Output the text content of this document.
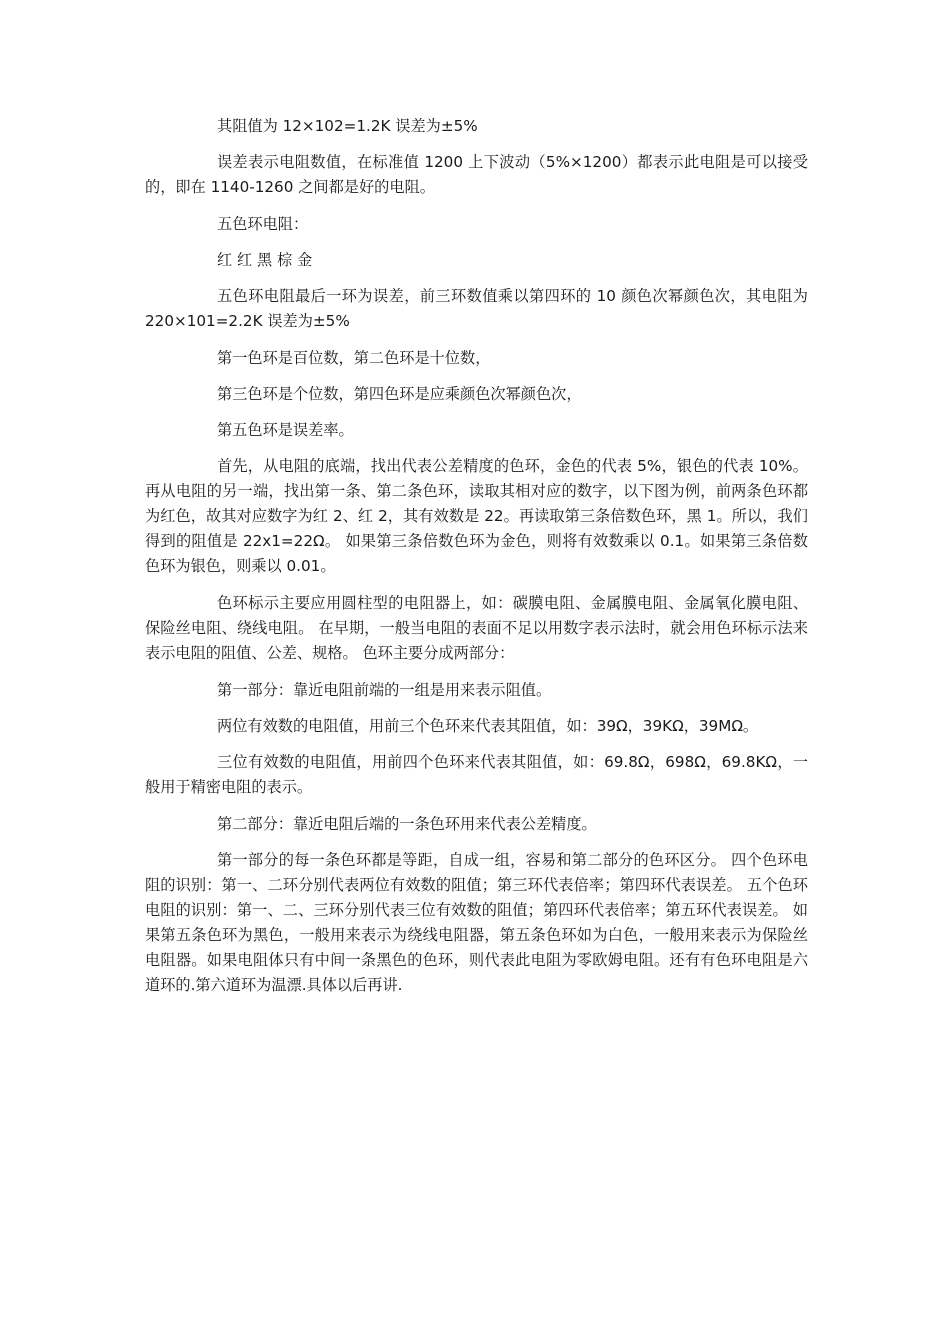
其阻值为 12×102=1.2K 误差为±5%

误差表示电阻数值，在标准值 1200 上下波动（5%×1200）都表示此电阻是可以接受的，即在 1140-1260 之间都是好的电阻。

五色环电阻：

红 红 黑 棕 金

五色环电阻最后一环为误差，前三环数值乘以第四环的 10 颜色次幂颜色次，其电阻为 220×101=2.2K 误差为±5%

第一色环是百位数，第二色环是十位数，

第三色环是个位数，第四色环是应乘颜色次幂颜色次，

第五色环是误差率。

首先，从电阻的底端，找出代表公差精度的色环，金色的代表 5%，银色的代表 10%。 再从电阻的另一端，找出第一条、第二条色环，读取其相对应的数字，以下图为例，前两条色环都为红色，故其对应数字为红 2、红 2，其有效数是 22。再读取第三条倍数色环，黑 1。所以，我们得到的阻值是 22x1=22Ω。 如果第三条倍数色环为金色，则将有效数乘以 0.1。如果第三条倍数色环为银色，则乘以 0.01。

色环标示主要应用圆柱型的电阻器上，如：碳膜电阻、金属膜电阻、金属氧化膜电阻、保险丝电阻、绕线电阻。 在早期，一般当电阻的表面不足以用数字表示法时，就会用色环标示法来表示电阻的阻值、公差、规格。 色环主要分成两部分：

第一部分：靠近电阻前端的一组是用来表示阻值。

两位有效数的电阻值，用前三个色环来代表其阻值，如：39Ω，39KΩ，39MΩ。

三位有效数的电阻值，用前四个色环来代表其阻值，如：69.8Ω，698Ω，69.8KΩ，一般用于精密电阻的表示。

第二部分：靠近电阻后端的一条色环用来代表公差精度。

第一部分的每一条色环都是等距，自成一组，容易和第二部分的色环区分。 四个色环电阻的识别：第一、二环分别代表两位有效数的阻值；第三环代表倍率；第四环代表误差。 五个色环电阻的识别：第一、二、三环分别代表三位有效数的阻值；第四环代表倍率；第五环代表误差。 如果第五条色环为黑色，一般用来表示为绕线电阻器，第五条色环如为白色，一般用来表示为保险丝电阻器。如果电阻体只有中间一条黑色的色环，则代表此电阻为零欧姆电阻。还有有色环电阻是六道环的.第六道环为温漂.具体以后再讲.
